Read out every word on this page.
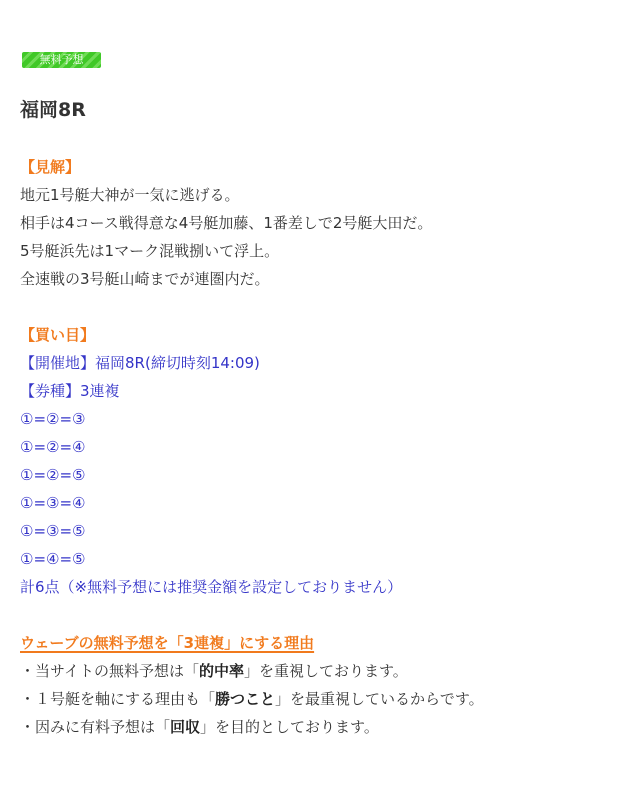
無料予想
福岡8R
【見解】
地元1号艇大神が一気に逃げる。
相手は4コース戦得意な4号艇加藤、1番差しで2号艇大田だ。
5号艇浜先は1マーク混戦捌いて浮上。
全速戦の3号艇山崎までが連圏内だ。
【買い目】
【開催地】福岡8R(締切時刻14:09)
【券種】3連複
①=②=③
①=②=④
①=②=⑤
①=③=④
①=③=⑤
①=④=⑤
計6点（※無料予想には推奨金額を設定しておりません）
ウェーブの無料予想を「3連複」にする理由
・当サイトの無料予想は「的中率」を重視しております。
・１号艇を軸にする理由も「勝つこと」を最重視しているからです。
・因みに有料予想は「回収」を目的としております。
